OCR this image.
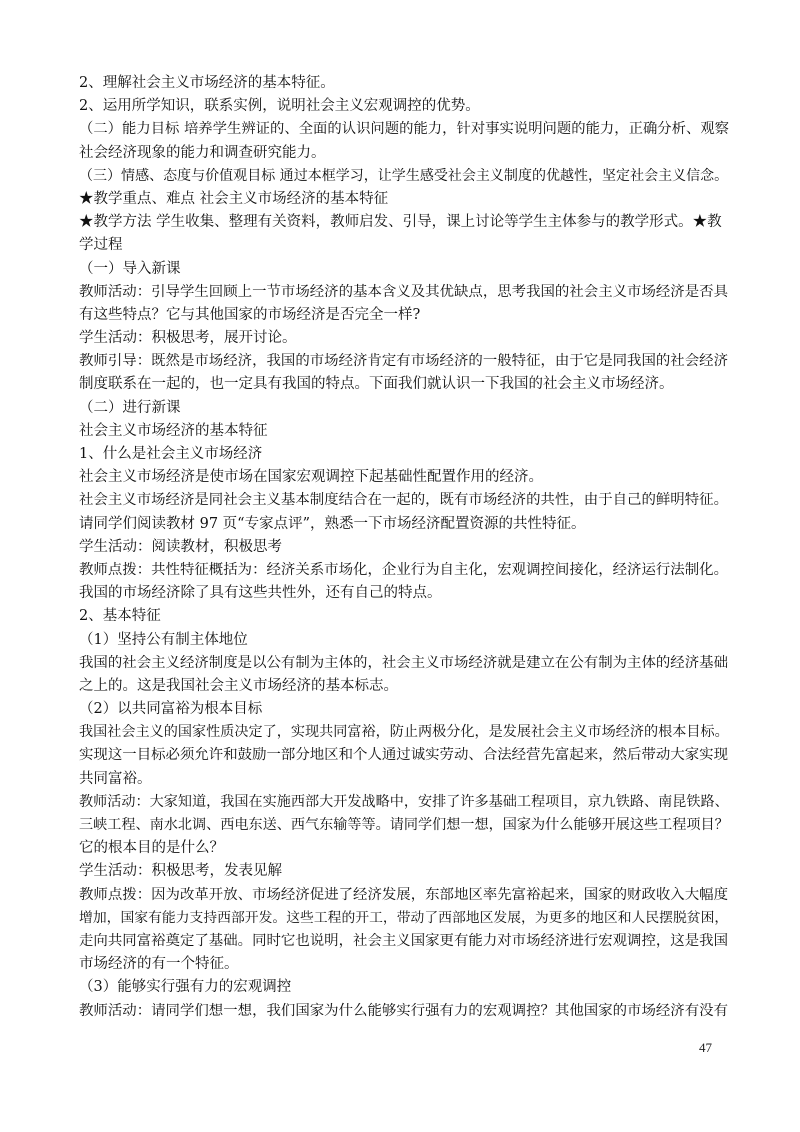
2、理解社会主义市场经济的基本特征。
2、运用所学知识，联系实例，说明社会主义宏观调控的优势。
（二）能力目标 培养学生辨证的、全面的认识问题的能力，针对事实说明问题的能力，正确分析、观察
社会经济现象的能力和调查研究能力。
（三）情感、态度与价值观目标 通过本框学习，让学生感受社会主义制度的优越性，坚定社会主义信念。
★教学重点、难点 社会主义市场经济的基本特征
★教学方法 学生收集、整理有关资料，教师启发、引导，课上讨论等学生主体参与的教学形式。★教
学过程
（一）导入新课
教师活动：引导学生回顾上一节市场经济的基本含义及其优缺点，思考我国的社会主义市场经济是否具
有这些特点？它与其他国家的市场经济是否完全一样?
学生活动：积极思考，展开讨论。
教师引导：既然是市场经济，我国的市场经济肯定有市场经济的一般特征，由于它是同我国的社会经济
制度联系在一起的，也一定具有我国的特点。下面我们就认识一下我国的社会主义市场经济。
（二）进行新课
社会主义市场经济的基本特征
1、什么是社会主义市场经济
社会主义市场经济是使市场在国家宏观调控下起基础性配置作用的经济。
社会主义市场经济是同社会主义基本制度结合在一起的，既有市场经济的共性，由于自己的鲜明特征。
请同学们阅读教材 97 页“专家点评”，熟悉一下市场经济配置资源的共性特征。
学生活动：阅读教材，积极思考
教师点拨：共性特征概括为：经济关系市场化，企业行为自主化，宏观调控间接化，经济运行法制化。
我国的市场经济除了具有这些共性外，还有自己的特点。
2、基本特征
（1）坚持公有制主体地位
我国的社会主义经济制度是以公有制为主体的，社会主义市场经济就是建立在公有制为主体的经济基础
之上的。这是我国社会主义市场经济的基本标志。
（2）以共同富裕为根本目标
我国社会主义的国家性质决定了，实现共同富裕，防止两极分化，是发展社会主义市场经济的根本目标。
实现这一目标必须允许和鼓励一部分地区和个人通过诚实劳动、合法经营先富起来，然后带动大家实现
共同富裕。
教师活动：大家知道，我国在实施西部大开发战略中，安排了许多基础工程项目，京九铁路、南昆铁路、
三峡工程、南水北调、西电东送、西气东输等等。请同学们想一想，国家为什么能够开展这些工程项目？
它的根本目的是什么？
学生活动：积极思考，发表见解
教师点拨：因为改革开放、市场经济促进了经济发展，东部地区率先富裕起来，国家的财政收入大幅度
增加，国家有能力支持西部开发。这些工程的开工，带动了西部地区发展，为更多的地区和人民摆脱贫困，
走向共同富裕奠定了基础。同时它也说明，社会主义国家更有能力对市场经济进行宏观调控，这是我国
市场经济的有一个特征。
（3）能够实行强有力的宏观调控
教师活动：请同学们想一想，我们国家为什么能够实行强有力的宏观调控？其他国家的市场经济有没有
47
